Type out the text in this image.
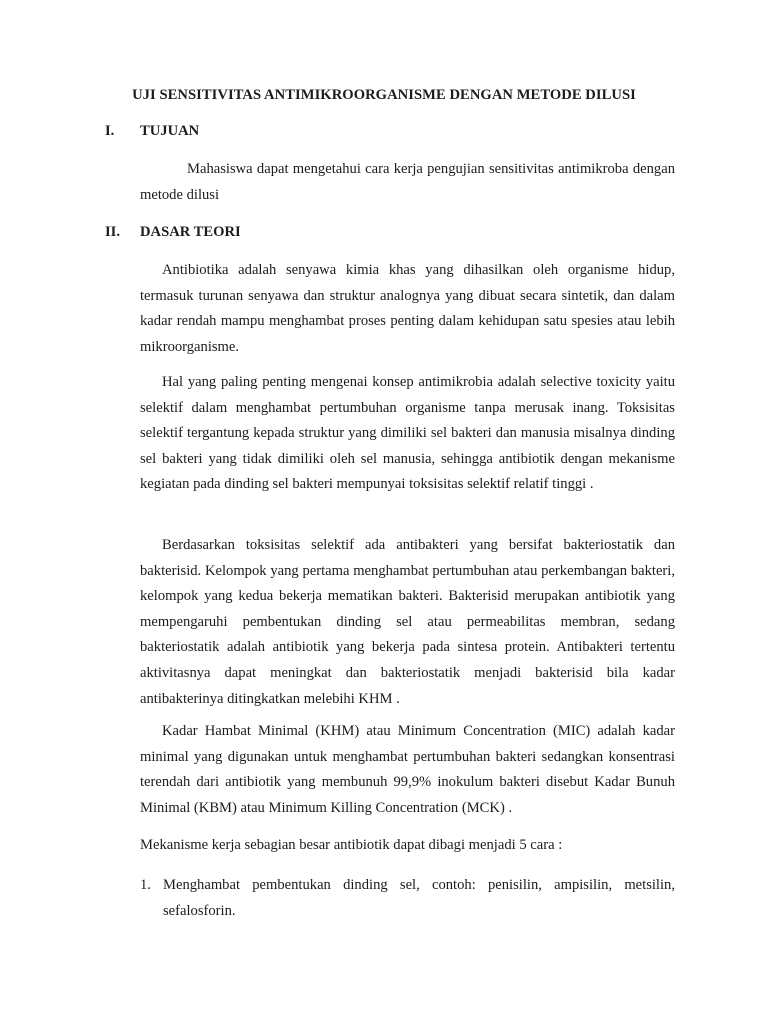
UJI SENSITIVITAS ANTIMIKROORGANISME DENGAN METODE DILUSI
I. TUJUAN

Mahasiswa dapat mengetahui cara kerja pengujian sensitivitas antimikroba dengan metode dilusi

II. DASAR TEORI

Antibiotika adalah senyawa kimia khas yang dihasilkan oleh organisme hidup, termasuk turunan senyawa dan struktur analognya yang dibuat secara sintetik, dan dalam kadar rendah mampu menghambat proses penting dalam kehidupan satu spesies atau lebih mikroorganisme.

Hal yang paling penting mengenai konsep antimikrobia adalah selective toxicity yaitu selektif dalam menghambat pertumbuhan organisme tanpa merusak inang. Toksisitas selektif tergantung kepada struktur yang dimiliki sel bakteri dan manusia misalnya dinding sel bakteri yang tidak dimiliki oleh sel manusia, sehingga antibiotik dengan mekanisme kegiatan pada dinding sel bakteri mempunyai toksisitas selektif relatif tinggi .

Berdasarkan toksisitas selektif ada antibakteri yang bersifat bakteriostatik dan bakterisid. Kelompok yang pertama menghambat pertumbuhan atau perkembangan bakteri, kelompok yang kedua bekerja mematikan bakteri. Bakterisid merupakan antibiotik yang mempengaruhi pembentukan dinding sel atau permeabilitas membran, sedang bakteriostatik adalah antibiotik yang bekerja pada sintesa protein. Antibakteri tertentu aktivitasnya dapat meningkat dan bakteriostatik menjadi bakterisid bila kadar antibakterinya ditingkatkan melebihi KHM .

Kadar Hambat Minimal (KHM) atau Minimum Concentration (MIC) adalah kadar minimal yang digunakan untuk menghambat pertumbuhan bakteri sedangkan konsentrasi terendah dari antibiotik yang membunuh 99,9% inokulum bakteri disebut Kadar Bunuh Minimal (KBM) atau Minimum Killing Concentration (MCK) .

Mekanisme kerja sebagian besar antibiotik dapat dibagi menjadi 5 cara :

1. Menghambat pembentukan dinding sel, contoh: penisilin, ampisilin, metsilin, sefalosforin.
